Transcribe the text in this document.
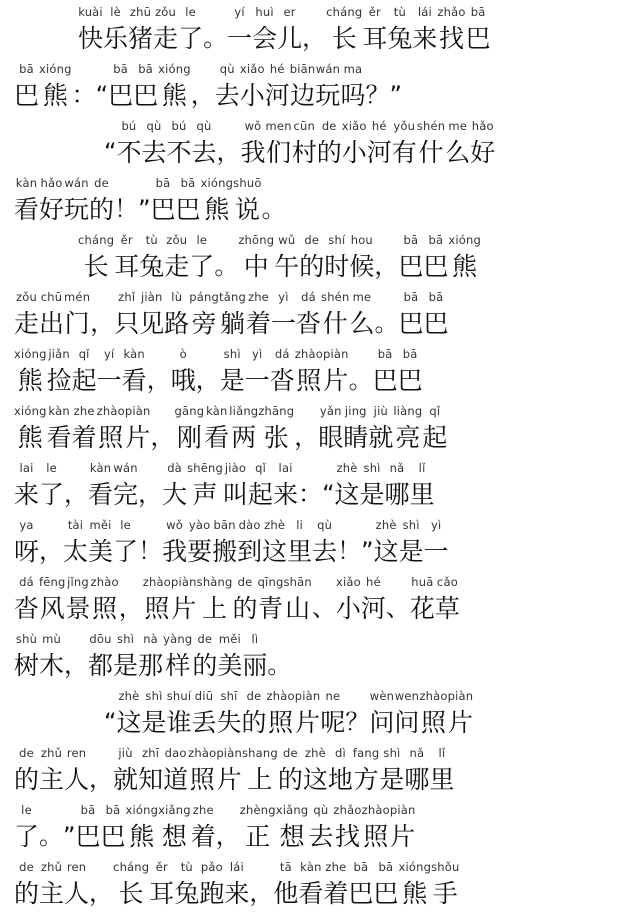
kuài
快
lè
乐
zhū
猪
zǒu
走
le
了 。
yí
一
huì
会
er
儿 ，
cháng
长
ěr
耳
tù
兔
lái
来
zhǎo
找
bā
巴
bā
巴
xióng
熊 ： “
bā
巴
bā
巴
xióng
熊 ，
qù
去
xiǎo
小
hé
河
biān
边
wán
玩
ma
吗 ？ ”
“
bú
不
qù
去
bú
不
qù
去 ，
wǒ
我
men
们
cūn
村
de
的
xiǎo
小
hé
河
yǒu
有
shén
什
me
么
hǎo
好
kàn
看
hǎo
好
wán
玩
de
的 ！ ”
bā
巴
bā
巴
xióng
熊
shuō
说 。
cháng
长
ěr
耳
tù
兔
zǒu
走
le
了 。
zhōng
中
wǔ
午
de
的
shí
时
hou
候 ，
bā
巴
bā
巴
xióng
熊
zǒu
走
chū
出
mén
门 ，
zhǐ
只
jiàn
见
lù
路
páng
旁
tǎng
躺
zhe
着
yì
一
dá
沓
shén
什
me
么 。
bā
巴
bā
巴
xióng
熊
jiǎn
捡
qǐ
起
yí
一
kàn
看 ，
ò
哦 ，
shì
是
yì
一
dá
沓
zhào
照
piàn
片 。
bā
巴
bā
巴
xióng
熊
kàn
看
zhe
着
zhào
照
piàn
片 ，
gāng
刚
kàn
看
liǎng
两
zhāng
张 ，
yǎn
眼
jing
睛
jiù
就
liàng
亮
qǐ
起
lai
来
le
了 ，
kàn
看
wán
完 ，
dà
大
shēng
声
jiào
叫
qǐ
起
lai
来 ： “
zhè
这
shì
是
nǎ
哪
lǐ
里
ya
呀 ，
tài
太
měi
美
le
了 ！
wǒ
我
yào
要
bān
搬
dào
到
zhè
这
li
里
qù
去 ！ ”
zhè
这
shì
是
yì
一
dá
沓
fēng
风
jǐng
景
zhào
照 ，
zhào
照
piàn
片
shàng
上
de
的
qīng
青
shān
山 、
xiǎo
小
hé
河 、
huā
花
cǎo
草
shù
树
mù
木 ，
dōu
都
shì
是
nà
那
yàng
样
de
的
měi
美
lì
丽 。
“
zhè
这
shì
是
shuí
谁
diū
丢
shī
失
de
的
zhào
照
piàn
片
ne
呢 ？
wèn
问
wen
问
zhào
照
piàn
片
de
的
zhǔ
主
ren
人 ，
jiù
就
zhī
知
dao
道
zhào
照
piàn
片
shang
上
de
的
zhè
这
dì
地
fang
方
shì
是
nǎ
哪
lǐ
里
le
了 。 ”
bā
巴
bā
巴
xióng
熊
xiǎng
想
zhe
着 ，
zhèng
正
xiǎng
想
qù
去
zhǎo
找
zhào
照
piàn
片
de
的
zhǔ
主
ren
人 ，
cháng
长
ěr
耳
tù
兔
pǎo
跑
lái
来 ，
tā
他
kàn
看
zhe
着
bā
巴
bā
巴
xióng
熊
shǒu
手
